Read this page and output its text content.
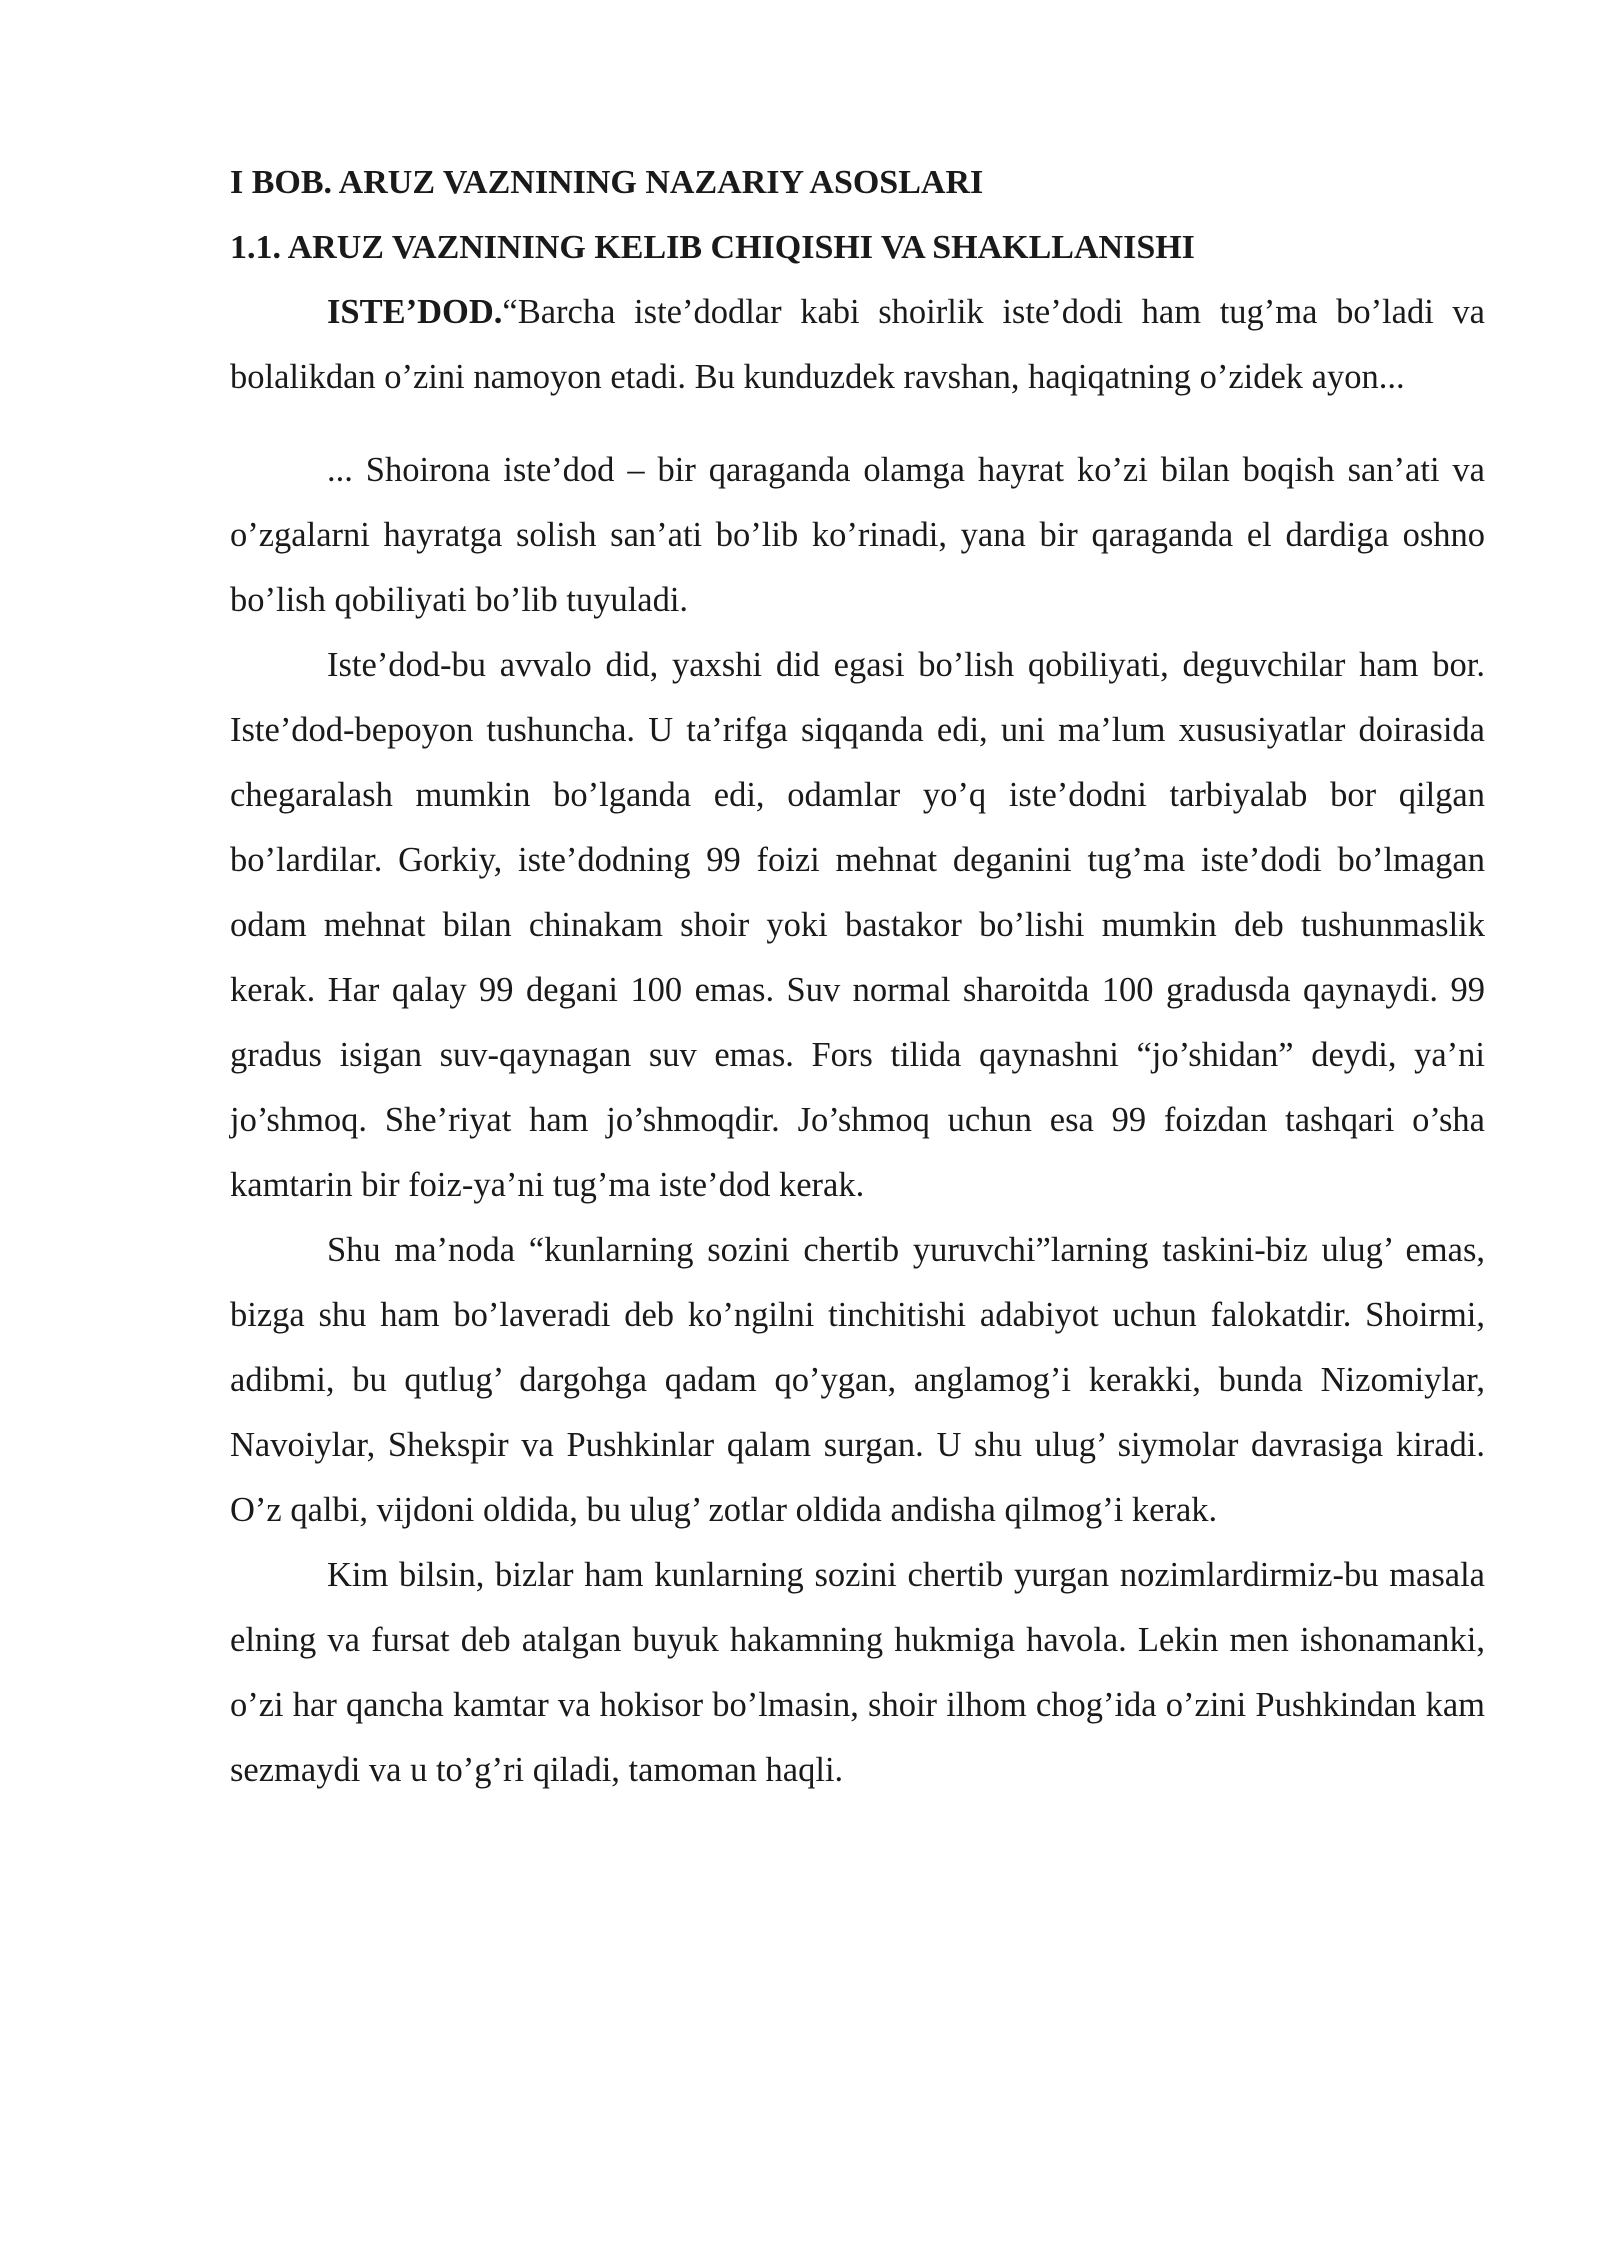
I BOB. ARUZ VAZNINING NAZARIY ASOSLARI

1.1. ARUZ VAZNINING KELIB CHIQISHI VA SHAKLLANISHI

ISTE’DOD.“Barcha iste’dodlar kabi shoirlik iste’dodi ham tug’ma bo’ladi va bolalikdan o’zini namoyon etadi. Bu kunduzdek ravshan, haqiqatning o’zidek ayon...

... Shoirona iste’dod – bir qaraganda olamga hayrat ko’zi bilan boqish san’ati va o’zgalarni hayratga solish san’ati bo’lib ko’rinadi, yana bir qaraganda el dardiga oshno bo’lish qobiliyati bo’lib tuyuladi.

Iste’dod-bu avvalo did, yaxshi did egasi bo’lish qobiliyati, deguvchilar ham bor. Iste’dod-bepoyon tushuncha. U ta’rifga siqqanda edi, uni ma’lum xususiyatlar doirasida chegaralash mumkin bo’lganda edi, odamlar yo’q iste’dodni tarbiyalab bor qilgan bo’lardilar. Gorkiy, iste’dodning 99 foizi mehnat deganini tug’ma iste’dodi bo’lmagan odam mehnat bilan chinakam shoir yoki bastakor bo’lishi mumkin deb tushunmaslik kerak. Har qalay 99 degani 100 emas. Suv normal sharoitda 100 gradusda qaynaydi. 99 gradus isigan suv-qaynagan suv emas. Fors tilida qaynashni “jo’shidan” deydi, ya’ni jo’shmoq. She’riyat ham jo’shmoqdir. Jo’shmoq uchun esa 99 foizdan tashqari o’sha kamtarin bir foiz-ya’ni tug’ma iste’dod kerak.

Shu ma’noda “kunlarning sozini chertib yuruvchi”larning taskini-biz ulug’ emas, bizga shu ham bo’laveradi deb ko’ngilni tinchitishi adabiyot uchun falokatdir. Shoirmi, adibmi, bu qutlug’ dargohga qadam qo’ygan, anglamog’i kerakki, bunda Nizomiylar, Navoiylar, Shekspir va Pushkinlar qalam surgan. U shu ulug’ siymolar davrasiga kiradi. O’z qalbi, vijdoni oldida, bu ulug’ zotlar oldida andisha qilmog’i kerak.

Kim bilsin, bizlar ham kunlarning sozini chertib yurgan nozimlardirmiz-bu masala elning va fursat deb atalgan buyuk hakamning hukmiga havola. Lekin men ishonamanki, o’zi har qancha kamtar va hokisor bo’lmasin, shoir ilhom chog’ida o’zini Pushkindan kam sezmaydi va u to’g’ri qiladi, tamoman haqli.
